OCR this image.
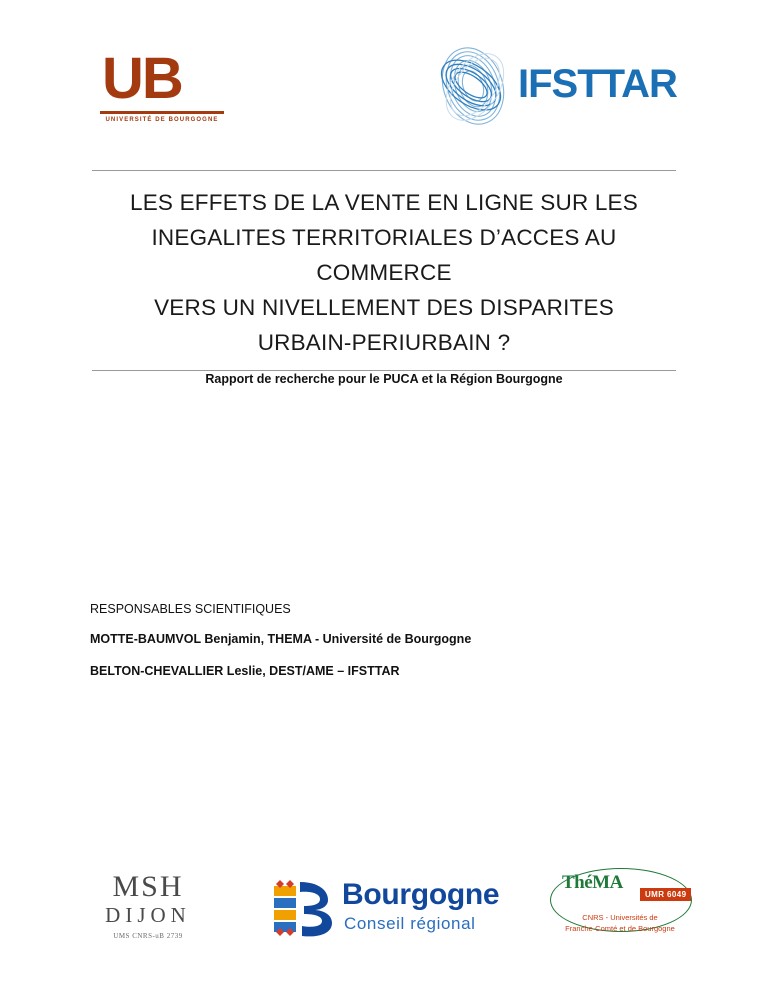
UB
UNIVERSITÉ DE BOURGOGNE
IFSTTAR
LES EFFETS DE LA VENTE EN LIGNE SUR LES
INEGALITES TERRITORIALES D’ACCES AU
COMMERCE
VERS UN NIVELLEMENT DES DISPARITES
URBAIN-PERIURBAIN ?
Rapport de recherche pour le PUCA et la Région Bourgogne
RESPONSABLES SCIENTIFIQUES
MOTTE-BAUMVOL Benjamin, THEMA - Université de Bourgogne
BELTON-CHEVALLIER Leslie, DEST/AME – IFSTTAR
MSH
DIJON
UMS CNRS-uB 2739
Bourgogne
Conseil régional
ThéMA
UMR 6049
CNRS - Universités de
Franche-Comté et de Bourgogne
